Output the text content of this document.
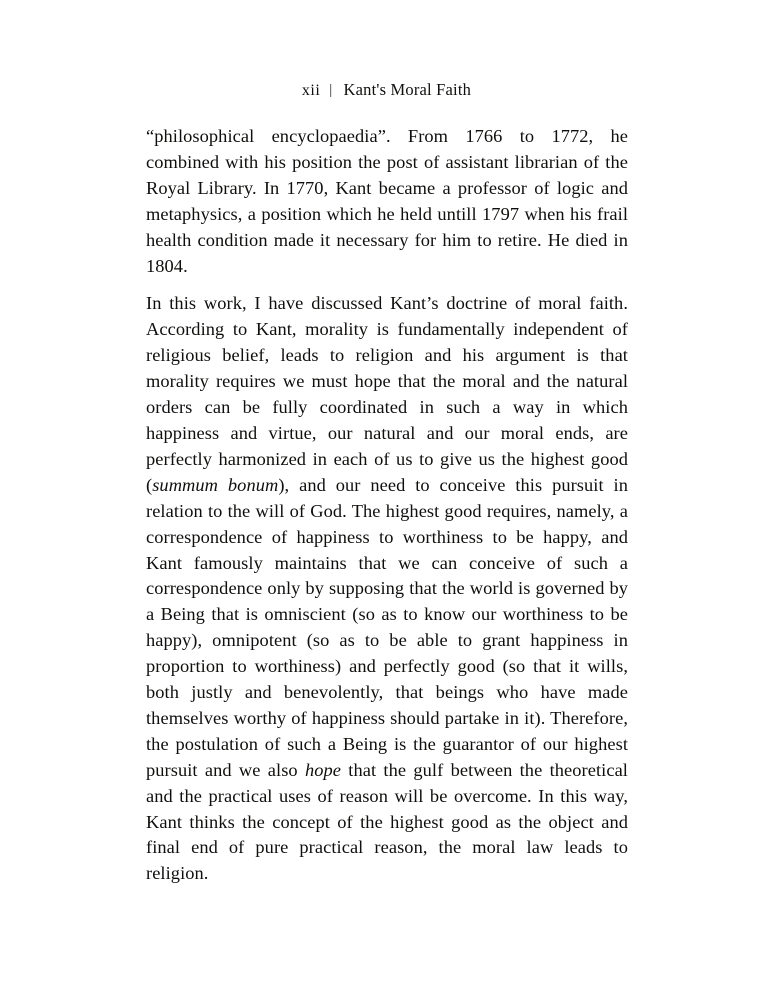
xii | Kant's Moral Faith

“philosophical encyclopaedia”. From 1766 to 1772, he combined with his position the post of assistant librarian of the Royal Library. In 1770, Kant became a professor of logic and metaphysics, a position which he held untill 1797 when his frail health condition made it necessary for him to retire. He died in 1804.

In this work, I have discussed Kant’s doctrine of moral faith. According to Kant, morality is fundamentally independent of religious belief, leads to religion and his argument is that morality requires we must hope that the moral and the natural orders can be fully coordinated in such a way in which happiness and virtue, our natural and our moral ends, are perfectly harmonized in each of us to give us the highest good (summum bonum), and our need to conceive this pursuit in relation to the will of God. The highest good requires, namely, a correspondence of happiness to worthiness to be happy, and Kant famously maintains that we can conceive of such a correspondence only by supposing that the world is governed by a Being that is omniscient (so as to know our worthiness to be happy), omnipotent (so as to be able to grant happiness in proportion to worthiness) and perfectly good (so that it wills, both justly and benevolently, that beings who have made themselves worthy of happiness should partake in it). Therefore, the postulation of such a Being is the guarantor of our highest pursuit and we also hope that the gulf between the theoretical and the practical uses of reason will be overcome. In this way, Kant thinks the concept of the highest good as the object and final end of pure practical reason, the moral law leads to religion.
